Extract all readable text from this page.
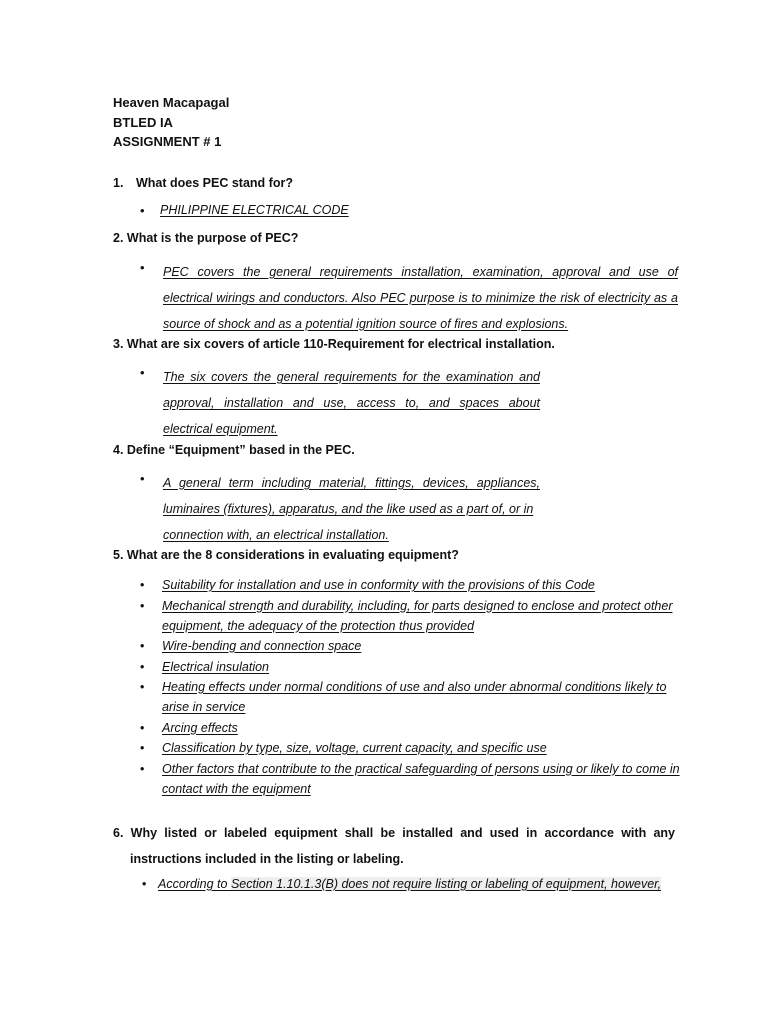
Heaven Macapagal
BTLED IA
ASSIGNMENT # 1
1. What does PEC stand for?
• PHILIPPINE ELECTRICAL CODE
2. What is the purpose of PEC?
• PEC covers the general requirements installation, examination, approval and use of
electrical wirings and conductors. Also PEC purpose is to minimize the risk of electricity as a
source of shock and as a potential ignition source of fires and explosions.
3. What are six covers of article 110-Requirement for electrical installation.
• The six covers the general requirements for the examination and
approval, installation and use, access to, and spaces about
electrical equipment.
4. Define “Equipment” based in the PEC.
• A general term including material, fittings, devices, appliances,
luminaires (fixtures), apparatus, and the like used as a part of, or in
connection with, an electrical installation.
5. What are the 8 considerations in evaluating equipment?
• Suitability for installation and use in conformity with the provisions of this Code
• Mechanical strength and durability, including, for parts designed to enclose and protect other equipment, the adequacy of the protection thus provided
• Wire-bending and connection space
• Electrical insulation
• Heating effects under normal conditions of use and also under abnormal conditions likely to arise in service
• Arcing effects
• Classification by type, size, voltage, current capacity, and specific use
• Other factors that contribute to the practical safeguarding of persons using or likely to come in contact with the equipment
6. Why listed or labeled equipment shall be installed and used in accordance with any
instructions included in the listing or labeling.
• According to Section 1.10.1.3(B) does not require listing or labeling of equipment, however,
